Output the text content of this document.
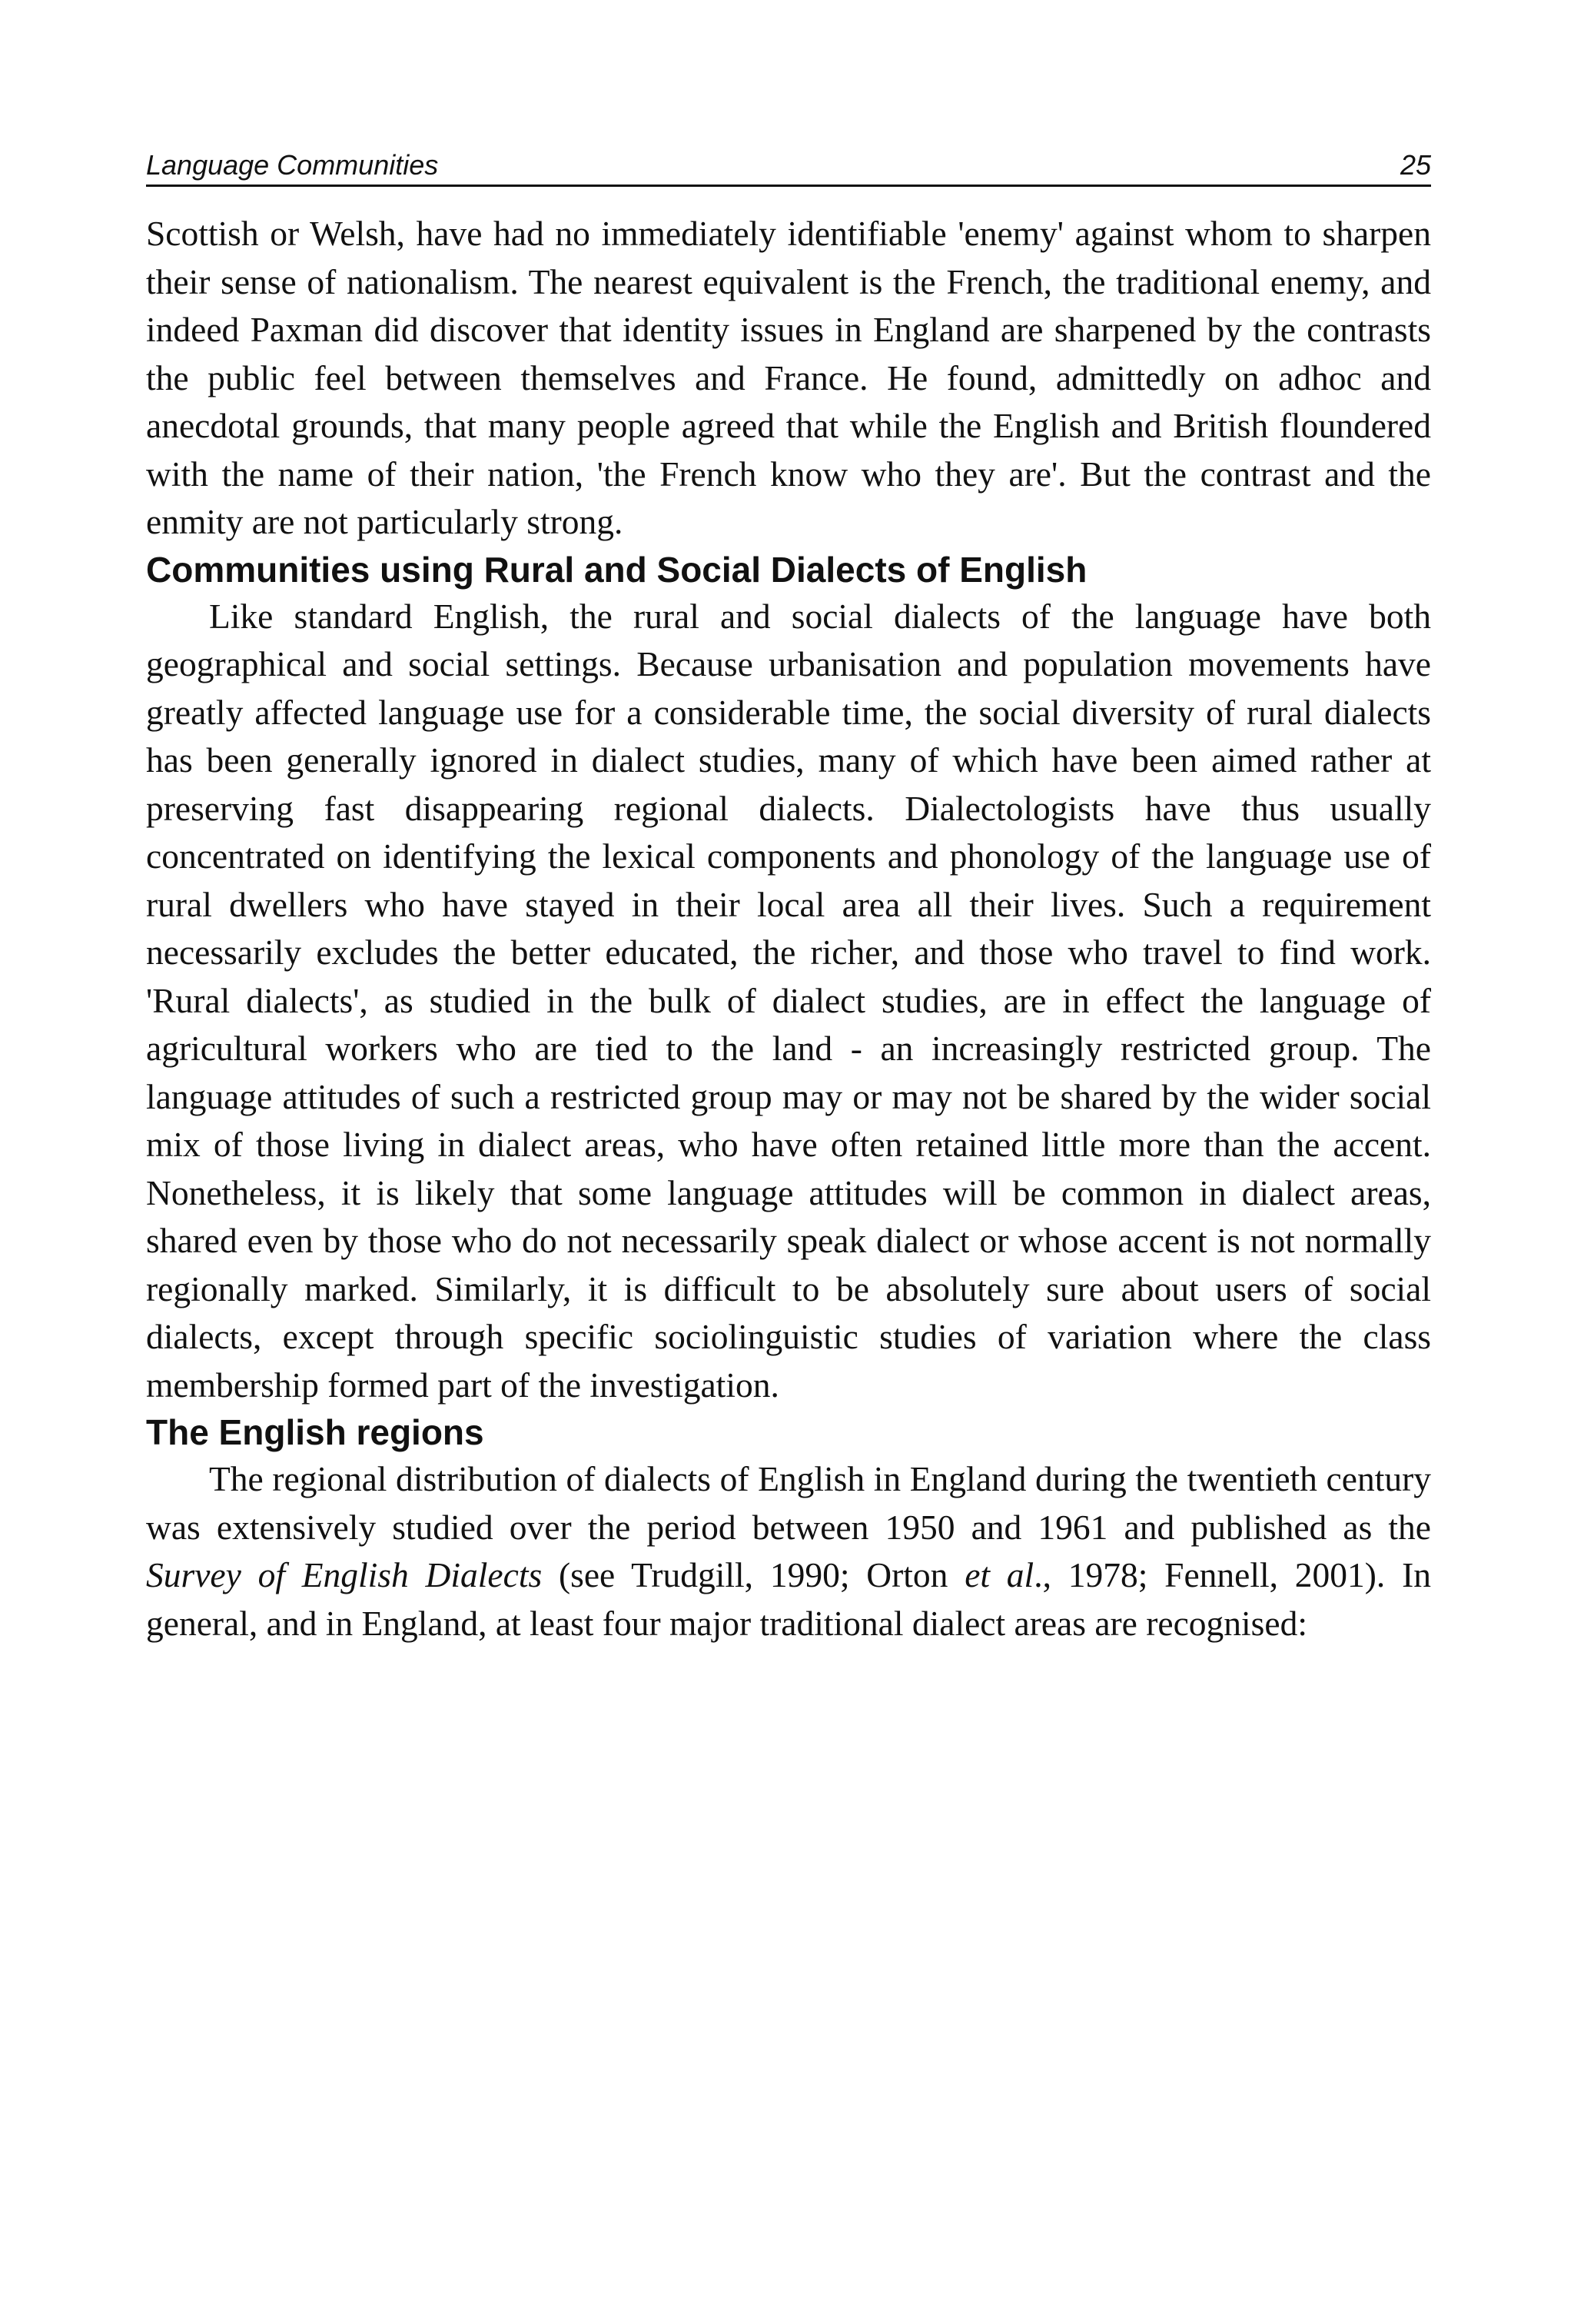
Language Communities	25

Scottish or Welsh, have had no immediately identifiable 'enemy' against whom to sharpen their sense of nationalism. The nearest equivalent is the French, the traditional enemy, and indeed Paxman did discover that identity issues in England are sharpened by the contrasts the public feel between themselves and France. He found, admittedly on adhoc and anecdotal grounds, that many people agreed that while the English and British floundered with the name of their nation, 'the French know who they are'. But the contrast and the enmity are not particularly strong.

Communities using Rural and Social Dialects of English

Like standard English, the rural and social dialects of the language have both geographical and social settings. Because urbanisation and population movements have greatly affected language use for a considerable time, the social diversity of rural dialects has been generally ignored in dialect studies, many of which have been aimed rather at preserving fast disappearing regional dialects. Dialectologists have thus usually concentrated on identifying the lexical components and phonology of the language use of rural dwellers who have stayed in their local area all their lives. Such a requirement necessarily excludes the better educated, the richer, and those who travel to find work. 'Rural dialects', as studied in the bulk of dialect studies, are in effect the language of agricultural workers who are tied to the land - an increasingly restricted group. The language attitudes of such a restricted group may or may not be shared by the wider social mix of those living in dialect areas, who have often retained little more than the accent. Nonetheless, it is likely that some language attitudes will be common in dialect areas, shared even by those who do not necessarily speak dialect or whose accent is not normally regionally marked. Similarly, it is difficult to be absolutely sure about users of social dialects, except through specific sociolinguistic studies of variation where the class membership formed part of the investigation.

The English regions

The regional distribution of dialects of English in England during the twentieth century was extensively studied over the period between 1950 and 1961 and published as the Survey of English Dialects (see Trudgill, 1990; Orton et al., 1978; Fennell, 2001). In general, and in England, at least four major traditional dialect areas are recognised:
